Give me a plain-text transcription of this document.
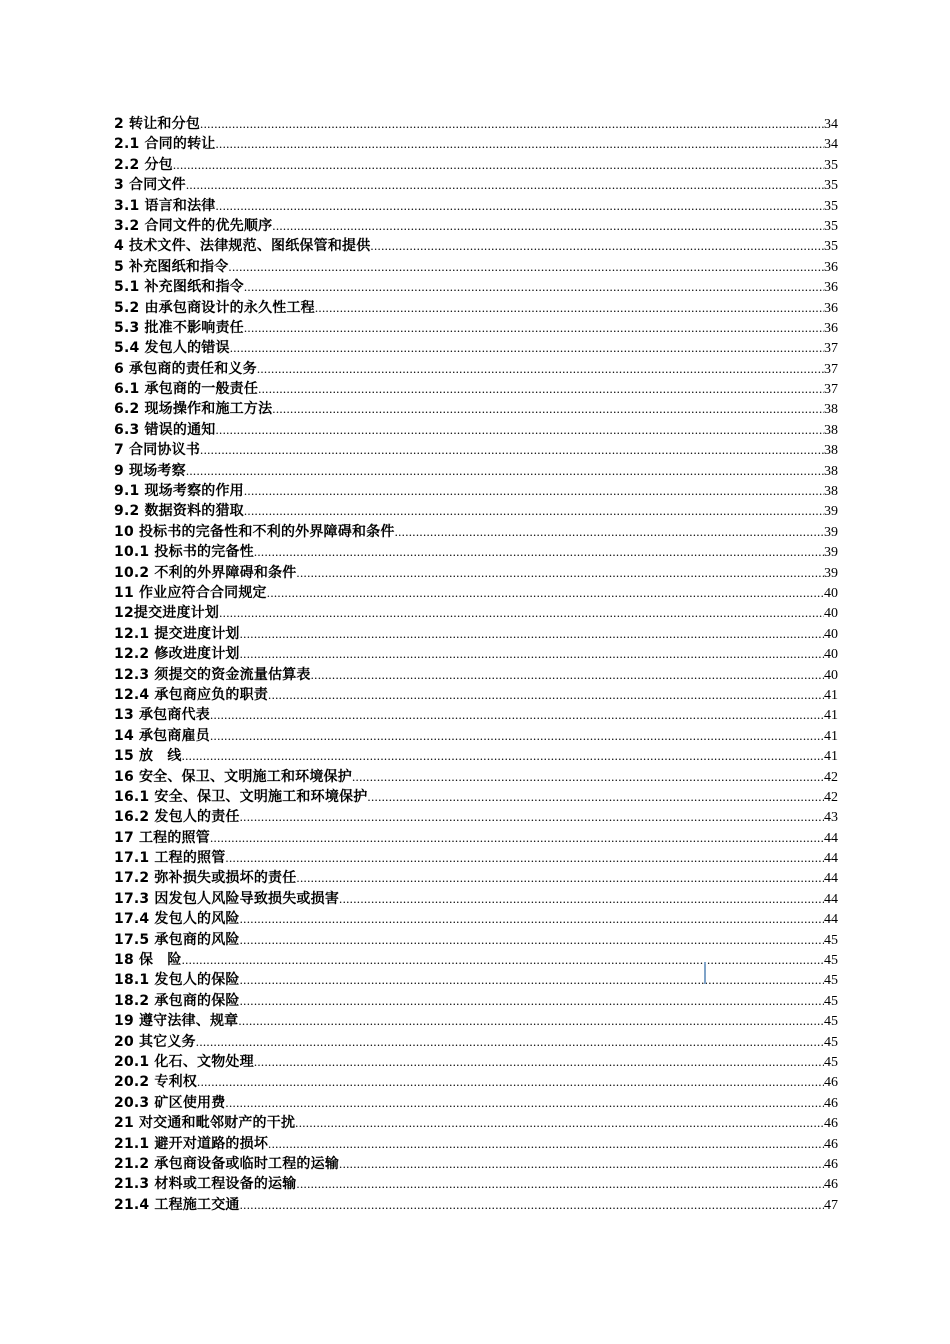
2 转让和分包 .....	34
2.1 合同的转让 .....	34
2.2 分包 .....	35
3 合同文件 .....	35
3.1 语言和法律 .....	35
3.2 合同文件的优先顺序 .....	35
4 技术文件、法律规范、图纸保管和提供 .....	35
5 补充图纸和指令 .....	36
5.1 补充图纸和指令 .....	36
5.2 由承包商设计的永久性工程 .....	36
5.3 批准不影响责任 .....	36
5.4 发包人的错误 .....	37
6 承包商的责任和义务 .....	37
6.1 承包商的一般责任 .....	37
6.2 现场操作和施工方法 .....	38
6.3 错误的通知 .....	38
7 合同协议书 .....	38
9 现场考察 .....	38
9.1 现场考察的作用 .....	38
9.2 数据资料的猎取 .....	39
10 投标书的完备性和不利的外界障碍和条件 .....	39
10.1 投标书的完备性 .....	39
10.2 不利的外界障碍和条件 .....	39
11 作业应符合合同规定 .....	40
12提交进度计划 .....	40
12.1 提交进度计划 .....	40
12.2 修改进度计划 .....	40
12.3 须提交的资金流量估算表 .....	40
12.4 承包商应负的职责 .....	41
13 承包商代表 .....	41
14 承包商雇员 .....	41
15 放　线 .....	41
16 安全、保卫、文明施工和环境保护 .....	42
16.1 安全、保卫、文明施工和环境保护 .....	42
16.2 发包人的责任 .....	43
17 工程的照管 .....	44
17.1 工程的照管 .....	44
17.2 弥补损失或损坏的责任 .....	44
17.3 因发包人风险导致损失或损害 .....	44
17.4 发包人的风险 .....	44
17.5 承包商的风险 .....	45
18 保　险 .....	45
18.1 发包人的保险 .....	45
18.2 承包商的保险 .....	45
19 遵守法律、规章 .....	45
20 其它义务 .....	45
20.1 化石、文物处理 .....	45
20.2 专利权 .....	46
20.3 矿区使用费 .....	46
21 对交通和毗邻财产的干扰 .....	46
21.1 避开对道路的损坏 .....	46
21.2 承包商设备或临时工程的运输 .....	46
21.3 材料或工程设备的运输 .....	46
21.4 工程施工交通 .....	47
